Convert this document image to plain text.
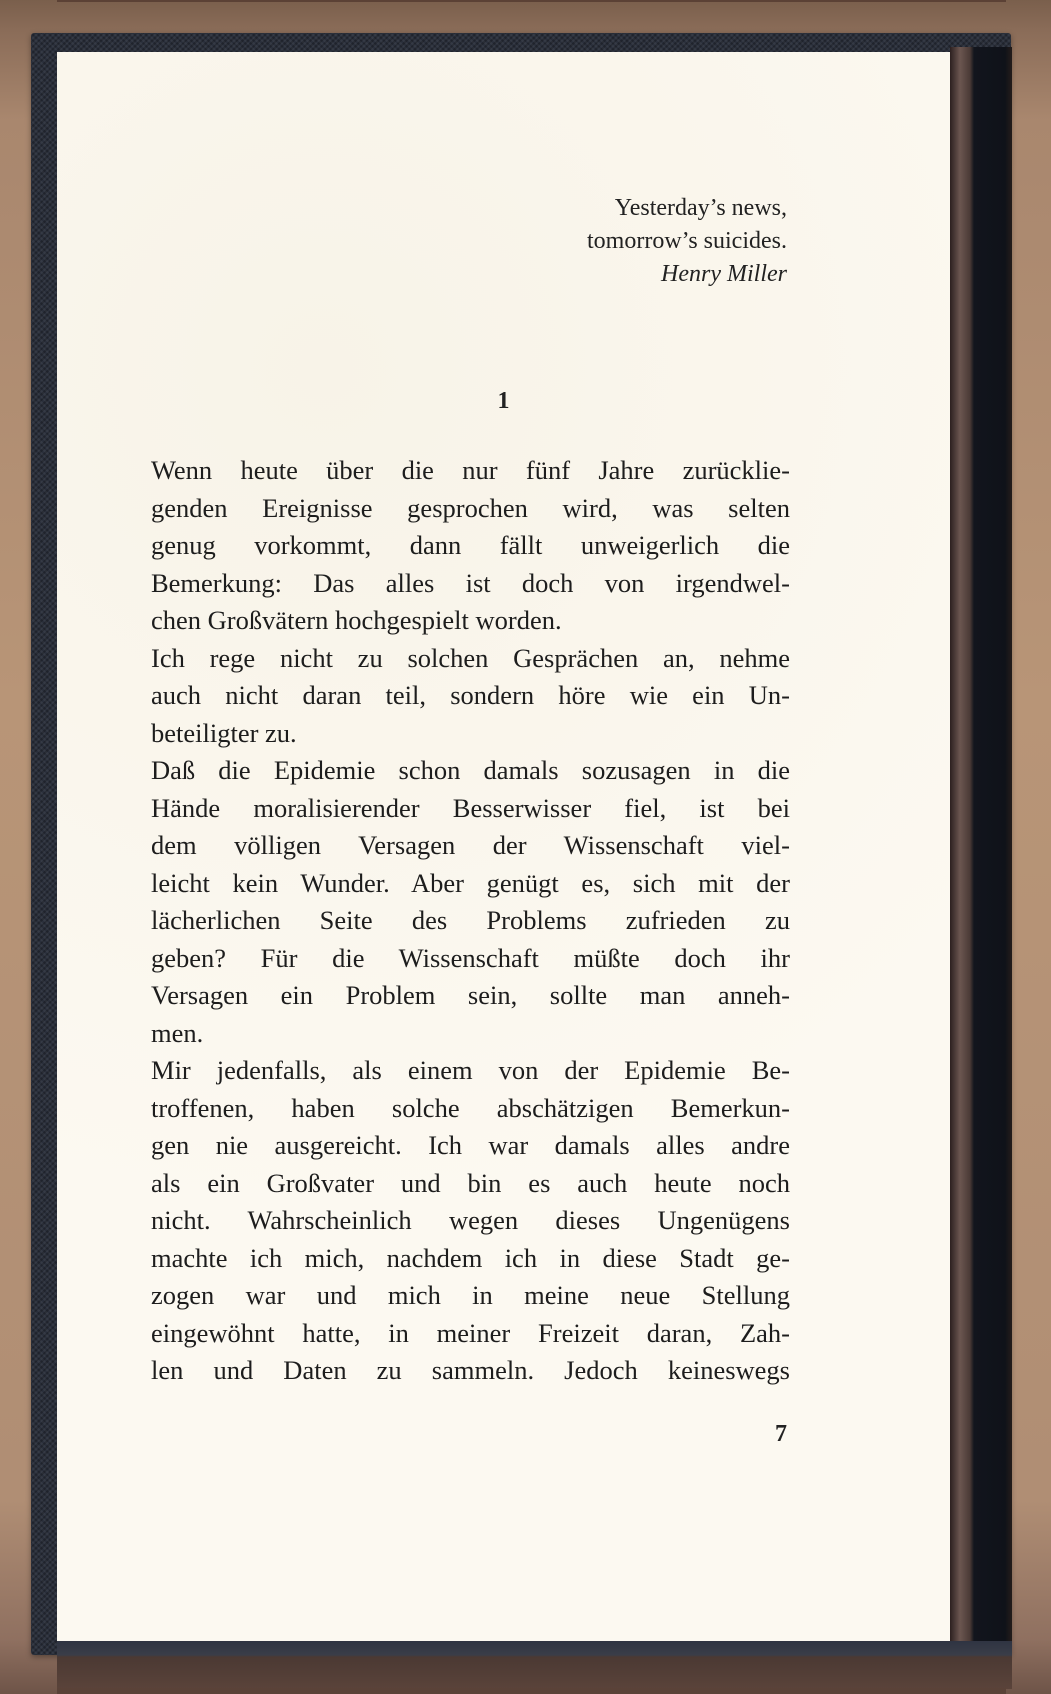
Yesterday’s news,
tomorrow’s suicides.
Henry Miller
1
Wenn heute über die nur fünf Jahre zurücklie-
genden Ereignisse gesprochen wird, was selten
genug vorkommt, dann fällt unweigerlich die
Bemerkung: Das alles ist doch von irgendwel-
chen Großvätern hochgespielt worden.
Ich rege nicht zu solchen Gesprächen an, nehme
auch nicht daran teil, sondern höre wie ein Un-
beteiligter zu.
Daß die Epidemie schon damals sozusagen in die
Hände moralisierender Besserwisser fiel, ist bei
dem völligen Versagen der Wissenschaft viel-
leicht kein Wunder. Aber genügt es, sich mit der
lächerlichen Seite des Problems zufrieden zu
geben? Für die Wissenschaft müßte doch ihr
Versagen ein Problem sein, sollte man anneh-
men.
Mir jedenfalls, als einem von der Epidemie Be-
troffenen, haben solche abschätzigen Bemerkun-
gen nie ausgereicht. Ich war damals alles andre
als ein Großvater und bin es auch heute noch
nicht. Wahrscheinlich wegen dieses Ungenügens
machte ich mich, nachdem ich in diese Stadt ge-
zogen war und mich in meine neue Stellung
eingewöhnt hatte, in meiner Freizeit daran, Zah-
len und Daten zu sammeln. Jedoch keineswegs
7
